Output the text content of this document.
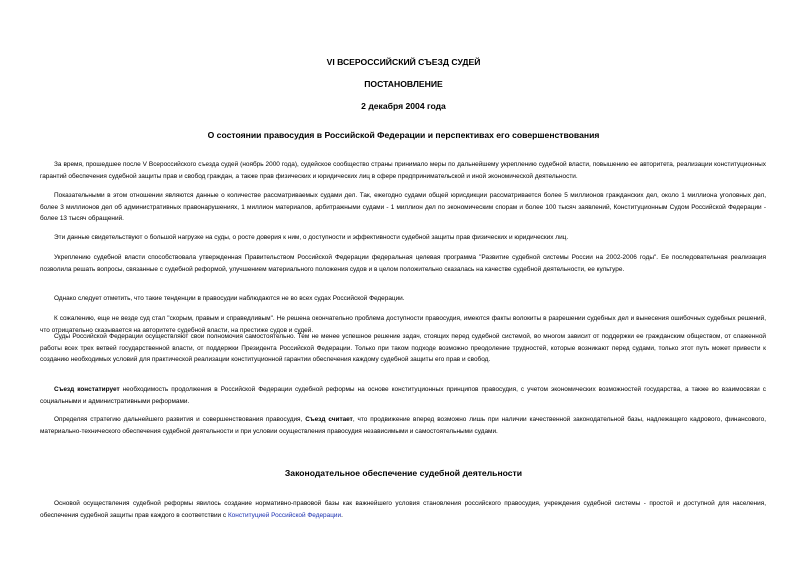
VI ВСЕРОССИЙСКИЙ СЪЕЗД СУДЕЙ
ПОСТАНОВЛЕНИЕ
2 декабря 2004 года
О состоянии правосудия в Российской Федерации и перспективах его совершенствования

За время, прошедшее после V Всероссийского съезда судей (ноябрь 2000 года), судейское сообщество страны принимало меры по дальнейшему укреплению судебной власти, повышению ее авторитета, реализации конституционных гарантий обеспечения судебной защиты прав и свобод граждан, а также прав физических и юридических лиц в сфере предпринимательской и иной экономической деятельности.

Показательными в этом отношении являются данные о количестве рассматриваемых судами дел. Так, ежегодно судами общей юрисдикции рассматривается более 5 миллионов гражданских дел, около 1 миллиона уголовных дел, более 3 миллионов дел об административных правонарушениях, 1 миллион материалов, арбитражными судами - 1 миллион дел по экономическим спорам и более 100 тысяч заявлений, Конституционным Судом Российской Федерации - более 13 тысяч обращений.

Эти данные свидетельствуют о большой нагрузке на суды, о росте доверия к ним, о доступности и эффективности судебной защиты прав физических и юридических лиц.

Укреплению судебной власти способствовала утвержденная Правительством Российской Федерации федеральная целевая программа "Развитие судебной системы России на 2002-2006 годы". Ее последовательная реализация позволила решать вопросы, связанные с судебной реформой, улучшением материального положения судов и в целом положительно сказалась на качестве судебной деятельности, ее культуре.

Однако следует отметить, что такие тенденции в правосудии наблюдаются не во всех судах Российской Федерации.

К сожалению, еще не везде суд стал "скорым, правым и справедливым". Не решена окончательно проблема доступности правосудия, имеются факты волокиты в разрешении судебных дел и вынесения ошибочных судебных решений, что отрицательно сказывается на авторитете судебной власти, на престиже судов и судей.

Суды Российской Федерации осуществляют свои полномочия самостоятельно. Тем не менее успешное решение задач, стоящих перед судебной системой, во многом зависит от поддержки ее гражданским обществом, от слаженной работы всех трех ветвей государственной власти, от поддержки Президента Российской Федерации. Только при таком подходе возможно преодоление трудностей, которые возникают перед судами, только этот путь может привести к созданию необходимых условий для практической реализации конституционной гарантии обеспечения каждому судебной защиты его прав и свобод.

Съезд констатирует необходимость продолжения в Российской Федерации судебной реформы на основе конституционных принципов правосудия, с учетом экономических возможностей государства, а также во взаимосвязи с социальными и административными реформами.

Определяя стратегию дальнейшего развития и совершенствования правосудия, Съезд считает, что продвижение вперед возможно лишь при наличии качественной законодательной базы, надлежащего кадрового, финансового, материально-технического обеспечения судебной деятельности и при условии осуществления правосудия независимыми и самостоятельными судами.

Законодательное обеспечение судебной деятельности

Основой осуществления судебной реформы явилось создание нормативно-правовой базы как важнейшего условия становления российского правосудия, учреждения судебной системы - простой и доступной для населения, обеспечения судебной защиты прав каждого в соответствии с Конституцией Российской Федерации.
